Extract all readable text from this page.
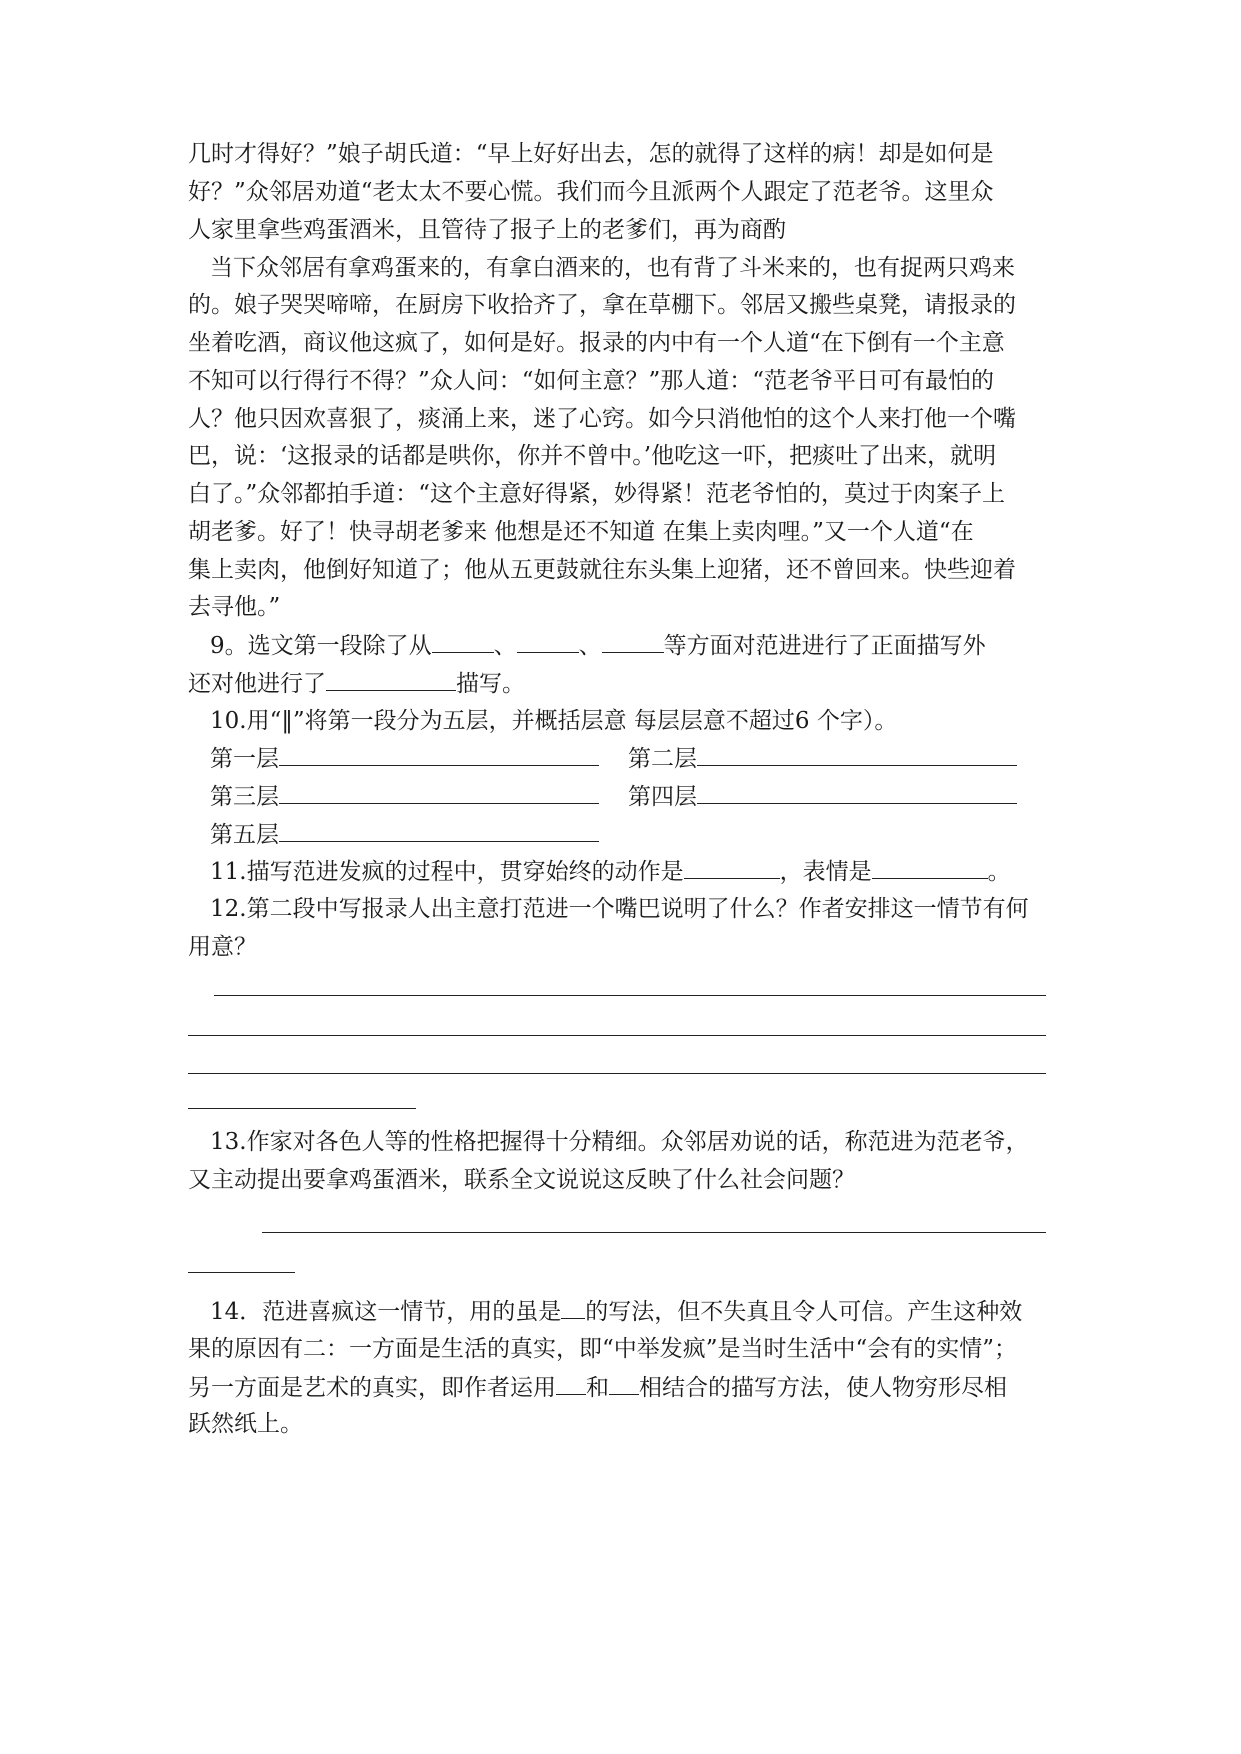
几时才得好？”娘子胡氏道：“早上好好出去，怎的就得了这样的病！却是如何是
好？”众邻居劝道“老太太不要心慌。我们而今且派两个人跟定了范老爷。这里众
人家里拿些鸡蛋酒米，且管待了报子上的老爹们，再为商酌
当下众邻居有拿鸡蛋来的，有拿白酒来的，也有背了斗米来的，也有捉两只鸡来
的。娘子哭哭啼啼，在厨房下收拾齐了，拿在草棚下。邻居又搬些桌凳，请报录的
坐着吃酒，商议他这疯了，如何是好。报录的内中有一个人道“在下倒有一个主意
不知可以行得行不得？”众人问：“如何主意？”那人道：“范老爷平日可有最怕的
人？他只因欢喜狠了，痰涌上来，迷了心窍。如今只消他怕的这个人来打他一个嘴
巴，说：‘这报录的话都是哄你，你并不曾中。’他吃这一吓，把痰吐了出来，就明
白了。”众邻都拍手道：“这个主意好得紧，妙得紧！范老爷怕的，莫过于肉案子上
胡老爹。好了！快寻胡老爹来 他想是还不知道 在集上卖肉哩。”又一个人道“在
集上卖肉，他倒好知道了；他从五更鼓就往东头集上迎猪，还不曾回来。快些迎着
去寻他。”
9。选文第一段除了从	、	、	等方面对范进进行了正面描写外
还对他进行了	描写。
10.用“‖”将第一段分为五层，并概括层意 每层层意不超过6 个字）。
第一层	第二层
第三层	第四层
第五层
11.描写范进发疯的过程中，贯穿始终的动作是	，表情是	。
12.第二段中写报录人出主意打范进一个嘴巴说明了什么？作者安排这一情节有何
用意？
13.作家对各色人等的性格把握得十分精细。众邻居劝说的话，称范进为范老爷，
又主动提出要拿鸡蛋酒米，联系全文说说这反映了什么社会问题？
14．范进喜疯这一情节，用的虽是 的写法，但不失真且令人可信。产生这种效
果的原因有二：一方面是生活的真实，即“中举发疯”是当时生活中“会有的实情”；
另一方面是艺术的真实，即作者运用 和 相结合的描写方法，使人物穷形尽相
跃然纸上。
